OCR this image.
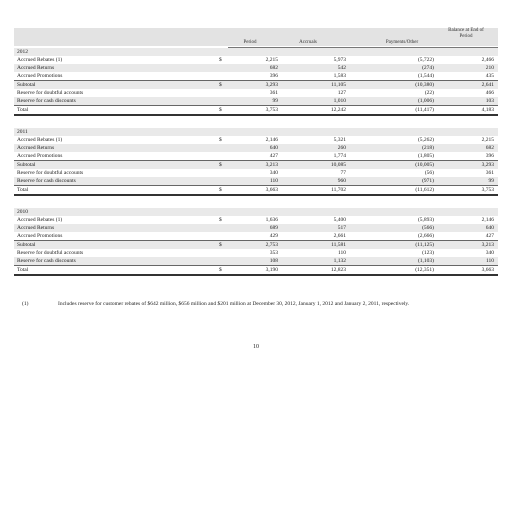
Period	Accruals	Payments/Other
Balance at End of Period
2012
Accrued Rebates (1)	$	2,215	5,973	(5,722)	2,466
Accrued Returns	682	542	(274)	210
Accrued Promotions	396	1,583	(1,544)	435
Subtotal	$	3,293	11,105	(10,380)	2,641
Reserve for doubtful accounts	361	127	(22)	466
Reserve for cash discounts	99	1,010	(1,006)	103
Total	$	3,753	12,242	(11,417)	4,183
2011
Accrued Rebates (1)	$	2,146	5,321	(5,262)	2,215
Accrued Returns	640	260	(218)	682
Accrued Promotions	427	1,774	(1,805)	396
Subtotal	$	3,213	10,085	(10,005)	3,293
Reserve for doubtful accounts	340	77	(56)	361
Reserve for cash discounts	110	960	(971)	99
Total	$	3,663	11,702	(11,612)	3,753
2010
Accrued Rebates (1)	$	1,636	5,400	(5,893)	2,146
Accrued Returns	689	517	(566)	640
Accrued Promotions	429	2,661	(2,666)	427
Subtotal	$	2,753	11,581	(11,125)	3,213
Reserve for doubtful accounts	353	110	(123)	340
Reserve for cash discounts	108	1,132	(1,103)	110
Total	$	3,190	12,823	(12,351)	3,663
(1)	Includes reserve for customer rebates of $642 million, $656 million and $201 million at December 30, 2012, January 1, 2012 and January 2, 2011, respectively.
10
